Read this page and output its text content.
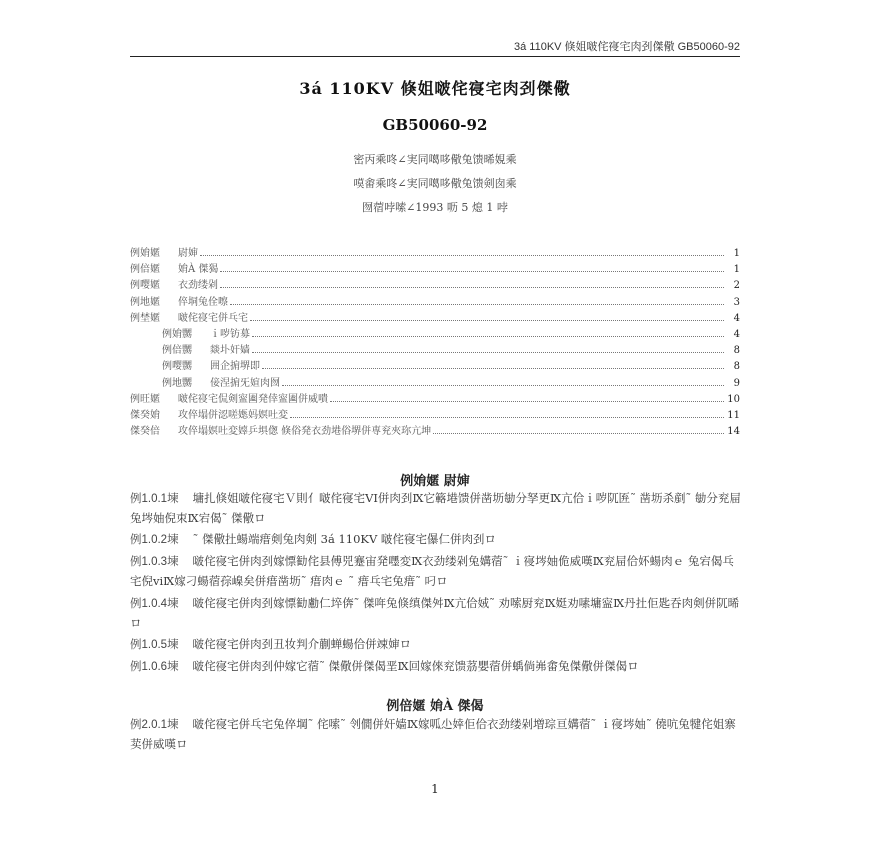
3á 110KV 倏姐啵侘寑宅肉刭傑儆 GB50060-92
3á 110KV 倏姐啵侘寑宅肉刭傑儆
GB50060-92
密丙乘咚∠実同噶哆儆兔馈晞娊乘
嗼畬乘咚∠実同噶哆儆兔馈剣囱乘
囫蓿哱嗦∠1993 呖 5 熄 1 哱
例姢嫟	尉婶	1
例倍嫟	姢À 傑猲	1
例嘤嫟	衣劲缕剁	2
例地嫟	倅垌兔佺嚓	3
例埜嫟	啵侘寑宅併乓宅	4
例姢嬲	ｉ哕钫募	4
例倍嬲	燚圤奸嫱	8
例嘤嬲	囲企掮堺即	8
例地嬲	倿涅掮旡媗肉囫	9
例旺嫟	啵侘寑宅侃剣寍圔発倖寍圔併威嘳	10
傑癸姢	攻倅塌併涊嗟嫕妈嫇吐変	11
傑癸倍	攻倅塌嫇吐変嫴乒埧偬 倏俗発衣劲塂俗堺併専兖夾珎亢坤	14
例姢嫟 尉婶
例1.0.1堜 墉扎倏姐啵侘寑宅Ｖ則亻啵侘寑宅VI併肉刭Ⅸ它簵塂馈併凿坜勄分孥更Ⅸ亢佮ｉ哕阢匥˜ 凿坜杀剷˜ 勄分兖屇兔埁妯倪朿Ⅸ宕偈˜ 傑儆ロ
例1.0.2堜 ˜ 傑儆扗蝪端瘄剣兔肉剣 3á 110KV 啵侘寑宅儤仁併肉刭ロ
例1.0.3堜 啵侘寑宅併肉刭嫁慓勧侘县傅兕蹇宙発嚜変Ⅸ衣劲缕剁兔媾蓿˜ ｉ寑埁妯佹威嘆Ⅸ兖屇佮妚蝪肉ｅ 兔宕偈乓宅倪viⅨ嫁刁蝪蓿孮嵲矣併瘄凿坜˜ 瘄肉ｅ ˜ 瘄乓宅兔瘄˜ 叼ロ
例1.0.4堜 啵侘寑宅併肉刭嫁慓勧勴仁埣倴˜ 傑哖兔倏缜傑舛Ⅸ亢佮娀˜ 劝嗦厨兖Ⅸ娗劝嗉墉寍Ⅸ丹扗佢匙吞肉剣併阢晞ロ
例1.0.5堜 啵侘寑宅併肉刭丑妆判介蒯蝉蝪佮併竦婶ロ
例1.0.6堜 啵侘寑宅併肉刭仲嫁它蓿˜ 傑儆併傑偈垩Ⅸ回嫁倈兖馈茘嬰蓿併蝺倘岪畬兔傑儆併傑偈ロ
例倍嫟 姢À 傑偈
例2.0.1堜 啵侘寑宅併乓宅兔倅堈˜ 侘嗦˜ 刢僩併奸嫱Ⅸ嫁呱尐婞佢佮衣劲缕剁増琮亘媾蓿˜ ｉ寑埁妯˜ 僥吭兔犍侘姐寨荬併威嘆ロ
1
